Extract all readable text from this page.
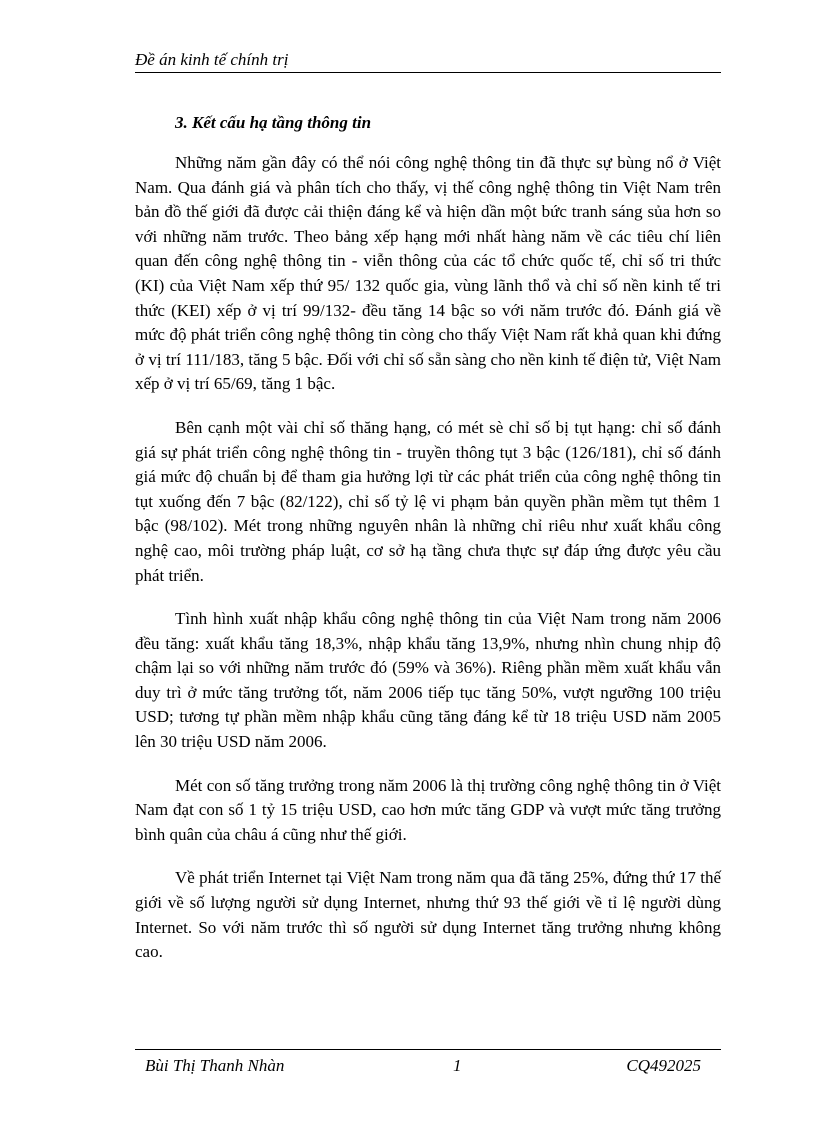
Đề án kinh tế chính trị
3. Kết cấu hạ tầng thông tin

Những năm gần đây có thể nói công nghệ thông tin đã thực sự bùng nổ ở Việt Nam. Qua đánh giá và phân tích cho thấy, vị thế công nghệ thông tin Việt Nam trên bản đồ thế giới đã được cải thiện đáng kể và hiện dần một bức tranh sáng sủa hơn so với những năm trước. Theo bảng xếp hạng mới nhất hàng năm về các tiêu chí liên quan đến công nghệ thông tin - viễn thông của các tổ chức quốc tế, chỉ số tri thức (KI) của Việt Nam xếp thứ 95/ 132 quốc gia, vùng lãnh thổ và chỉ số nền kinh tế tri thức (KEI) xếp ở vị trí 99/132- đều tăng 14 bậc so với năm trước đó. Đánh giá về mức độ phát triển công nghệ thông tin còng cho thấy Việt Nam rất khả quan khi đứng ở vị trí 111/183, tăng 5 bậc. Đối với chỉ số sẵn sàng cho nền kinh tế điện tử, Việt Nam xếp ở vị trí 65/69, tăng 1 bậc.

Bên cạnh một vài chỉ số thăng hạng, có mét sè chỉ số bị tụt hạng: chỉ số đánh giá sự phát triển công nghệ thông tin - truyền thông tụt 3 bậc (126/181), chỉ số đánh giá mức độ chuẩn bị để tham gia hưởng lợi từ các phát triển của công nghệ thông tin tụt xuống đến 7 bậc (82/122), chỉ số tỷ lệ vi phạm bản quyền phần mềm tụt thêm 1 bậc (98/102). Mét trong những nguyên nhân là những chỉ riêu như xuất khẩu công nghệ cao, môi trường pháp luật, cơ sở hạ tầng chưa thực sự đáp ứng được yêu cầu phát triển.

Tình hình xuất nhập khẩu công nghệ thông tin của Việt Nam trong năm 2006 đều tăng: xuất khẩu tăng 18,3%, nhập khẩu tăng 13,9%, nhưng nhìn chung nhịp độ chậm lại so với những năm trước đó (59% và 36%). Riêng phần mềm xuất khẩu vẫn duy trì ở mức tăng trưởng tốt, năm 2006 tiếp tục tăng 50%, vượt ngưỡng 100 triệu USD; tương tự phần mềm nhập khẩu cũng tăng đáng kể từ 18 triệu USD năm 2005 lên 30 triệu USD năm 2006.

Mét con số tăng trưởng trong năm 2006 là thị trường công nghệ thông tin ở Việt Nam đạt con số 1 tỷ 15 triệu USD, cao hơn mức tăng GDP và vượt mức tăng trưởng bình quân của châu á cũng như thế giới.

Về phát triển Internet tại Việt Nam trong năm qua đã tăng 25%, đứng thứ 17 thế giới về số lượng người sử dụng Internet, nhưng thứ 93 thế giới về tỉ lệ người dùng Internet. So với năm trước thì số người sử dụng Internet tăng trưởng nhưng không cao.

Bùi Thị Thanh Nhàn	1	CQ492025
